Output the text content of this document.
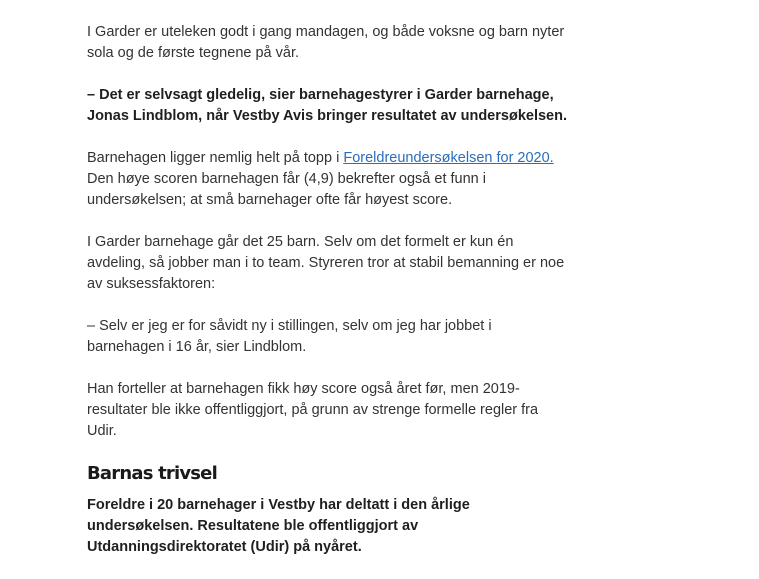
I Garder er uteleken godt i gang mandagen, og både voksne og barn nyter sola og de første tegnene på vår.

– Det er selvsagt gledelig, sier barnehagestyrer i Garder barnehage, Jonas Lindblom, når Vestby Avis bringer resultatet av undersøkelsen.

Barnehagen ligger nemlig helt på topp i Foreldreundersøkelsen for 2020. Den høye scoren barnehagen får (4,9) bekrefter også et funn i undersøkelsen; at små barnehager ofte får høyest score.

I Garder barnehage går det 25 barn. Selv om det formelt er kun én avdeling, så jobber man i to team. Styreren tror at stabil bemanning er noe av suksessfaktoren:

– Selv er jeg er for såvidt ny i stillingen, selv om jeg har jobbet i barnehagen i 16 år, sier Lindblom.

Han forteller at barnehagen fikk høy score også året før, men 2019-resultater ble ikke offentliggjort, på grunn av strenge formelle regler fra Udir.

Barnas trivsel

Foreldre i 20 barnehager i Vestby har deltatt i den årlige undersøkelsen. Resultatene ble offentliggjort av Utdanningsdirektoratet (Udir) på nyåret.
